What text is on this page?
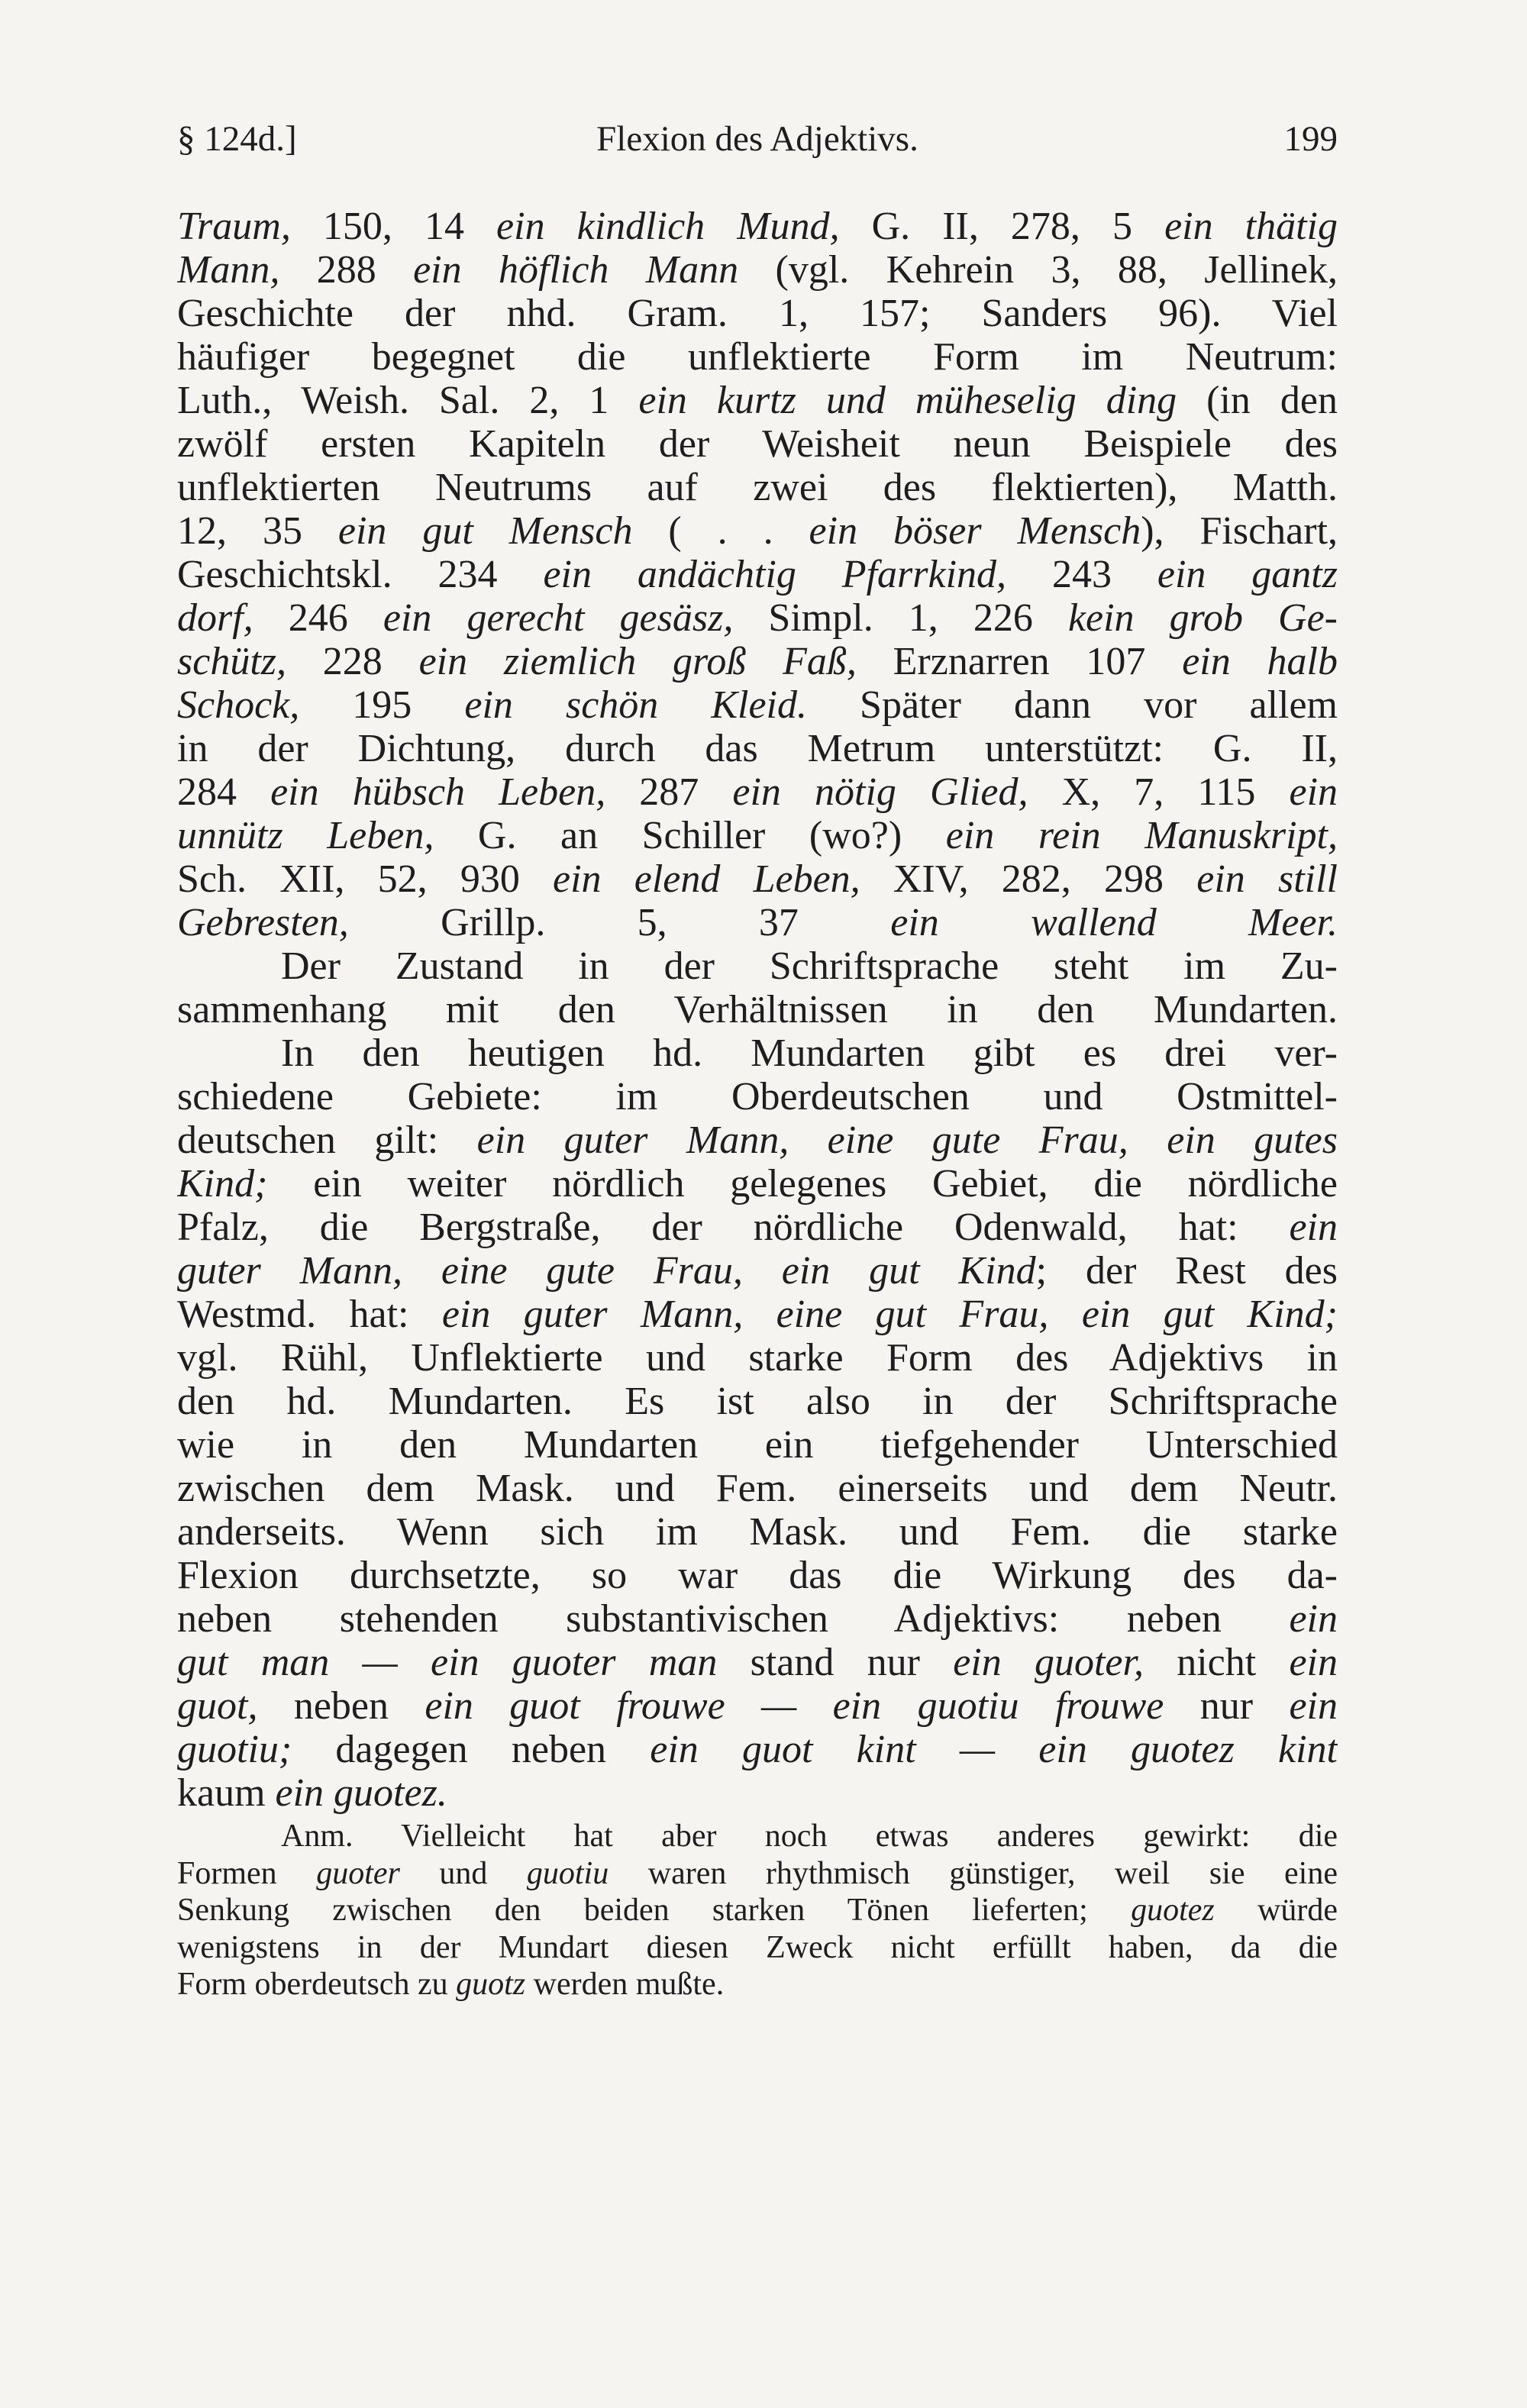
§ 124d.]	Flexion des Adjektivs.	199
Traum, 150, 14 ein kindlich Mund, G. II, 278, 5 ein thätig
Mann, 288 ein höflich Mann (vgl. Kehrein 3, 88, Jellinek,
Geschichte der nhd. Gram. 1, 157; Sanders 96). Viel
häufiger begegnet die unflektierte Form im Neutrum:
Luth., Weish. Sal. 2, 1 ein kurtz und müheselig ding (in den
zwölf ersten Kapiteln der Weisheit neun Beispiele des
unflektierten Neutrums auf zwei des flektierten), Matth.
12, 35 ein gut Mensch ( . . ein böser Mensch), Fischart,
Geschichtskl. 234 ein andächtig Pfarrkind, 243 ein gantz
dorf, 246 ein gerecht gesäsz, Simpl. 1, 226 kein grob Ge-
schütz, 228 ein ziemlich groß Faß, Erznarren 107 ein halb
Schock, 195 ein schön Kleid. Später dann vor allem
in der Dichtung, durch das Metrum unterstützt: G. II,
284 ein hübsch Leben, 287 ein nötig Glied, X, 7, 115 ein
unnütz Leben, G. an Schiller (wo?) ein rein Manuskript,
Sch. XII, 52, 930 ein elend Leben, XIV, 282, 298 ein still
Gebresten, Grillp. 5, 37 ein wallend Meer.
Der Zustand in der Schriftsprache steht im Zu-
sammenhang mit den Verhältnissen in den Mundarten.
In den heutigen hd. Mundarten gibt es drei ver-
schiedene Gebiete: im Oberdeutschen und Ostmittel-
deutschen gilt: ein guter Mann, eine gute Frau, ein gutes
Kind; ein weiter nördlich gelegenes Gebiet, die nördliche
Pfalz, die Bergstraße, der nördliche Odenwald, hat: ein
guter Mann, eine gute Frau, ein gut Kind; der Rest des
Westmd. hat: ein guter Mann, eine gut Frau, ein gut Kind;
vgl. Rühl, Unflektierte und starke Form des Adjektivs in
den hd. Mundarten. Es ist also in der Schriftsprache
wie in den Mundarten ein tiefgehender Unterschied
zwischen dem Mask. und Fem. einerseits und dem Neutr.
anderseits. Wenn sich im Mask. und Fem. die starke
Flexion durchsetzte, so war das die Wirkung des da-
neben stehenden substantivischen Adjektivs: neben ein
gut man — ein guoter man stand nur ein guoter, nicht ein
guot, neben ein guot frouwe — ein guotiu frouwe nur ein
guotiu; dagegen neben ein guot kint — ein guotez kint
kaum ein guotez.
Anm. Vielleicht hat aber noch etwas anderes gewirkt: die
Formen guoter und guotiu waren rhythmisch günstiger, weil sie eine
Senkung zwischen den beiden starken Tönen lieferten; guotez würde
wenigstens in der Mundart diesen Zweck nicht erfüllt haben, da die
Form oberdeutsch zu guotz werden mußte.
